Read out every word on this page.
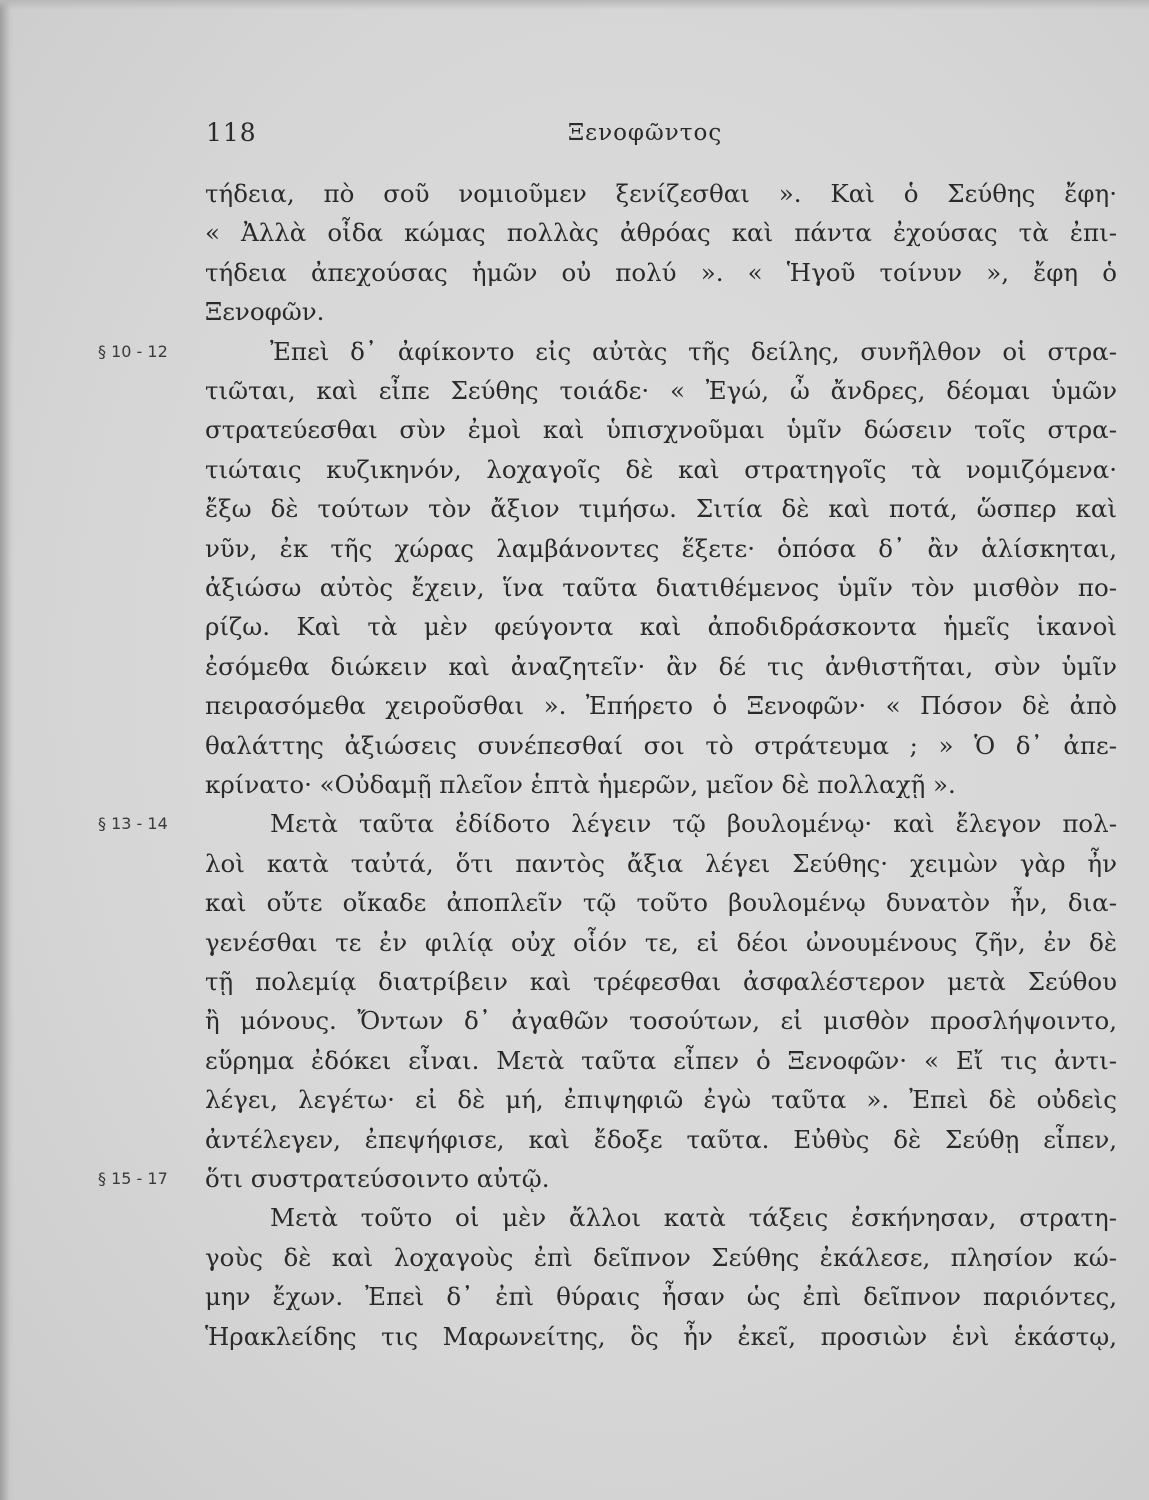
118	Ξενοφῶντος
τήδεια, πὸ σοῦ νομιοῦμεν ξενίζεσθαι ». Καὶ ὁ Σεύθης ἔφη·
« Ἀλλὰ οἶδα κώμας πολλὰς ἀθρόας καὶ πάντα ἐχούσας τὰ ἐπι-
τήδεια ἀπεχούσας ἡμῶν οὐ πολύ ». « Ἡγοῦ τοίνυν », ἔφη ὁ
Ξενοφῶν.
Ἐπεὶ δ᾽ ἀφίκοντο εἰς αὐτὰς τῆς δείλης, συνῆλθον οἱ στρα-
τιῶται, καὶ εἶπε Σεύθης τοιάδε· « Ἐγώ, ὦ ἄνδρες, δέομαι ὑμῶν
στρατεύεσθαι σὺν ἐμοὶ καὶ ὑπισχνοῦμαι ὑμῖν δώσειν τοῖς στρα-
τιώταις κυζικηνόν, λοχαγοῖς δὲ καὶ στρατηγοῖς τὰ νομιζόμενα·
ἔξω δὲ τούτων τὸν ἄξιον τιμήσω. Σιτία δὲ καὶ ποτά, ὥσπερ καὶ
νῦν, ἐκ τῆς χώρας λαμβάνοντες ἕξετε· ὁπόσα δ᾽ ἂν ἁλίσκηται,
ἀξιώσω αὐτὸς ἔχειν, ἵνα ταῦτα διατιθέμενος ὑμῖν τὸν μισθὸν πο-
ρίζω. Καὶ τὰ μὲν φεύγοντα καὶ ἀποδιδράσκοντα ἡμεῖς ἱκανοὶ
ἐσόμεθα διώκειν καὶ ἀναζητεῖν· ἂν δέ τις ἀνθιστῆται, σὺν ὑμῖν
πειρασόμεθα χειροῦσθαι ». Ἐπήρετο ὁ Ξενοφῶν· « Πόσον δὲ ἀπὸ
θαλάττης ἀξιώσεις συνέπεσθαί σοι τὸ στράτευμα ; » Ὁ δ᾽ ἀπε-
κρίνατο· «Οὐδαμῇ πλεῖον ἑπτὰ ἡμερῶν, μεῖον δὲ πολλαχῇ ».
Μετὰ ταῦτα ἐδίδοτο λέγειν τῷ βουλομένῳ· καὶ ἔλεγον πολ-
λοὶ κατὰ ταὐτά, ὅτι παντὸς ἄξια λέγει Σεύθης· χειμὼν γὰρ ἦν
καὶ οὔτε οἴκαδε ἀποπλεῖν τῷ τοῦτο βουλομένῳ δυνατὸν ἦν, δια-
γενέσθαι τε ἐν φιλίᾳ οὐχ οἷόν τε, εἰ δέοι ὠνουμένους ζῆν, ἐν δὲ
τῇ πολεμίᾳ διατρίβειν καὶ τρέφεσθαι ἀσφαλέστερον μετὰ Σεύθου
ἢ μόνους. Ὄντων δ᾽ ἀγαθῶν τοσούτων, εἰ μισθὸν προσλήψοιντο,
εὕρημα ἐδόκει εἶναι. Μετὰ ταῦτα εἶπεν ὁ Ξενοφῶν· « Εἴ τις ἀντι-
λέγει, λεγέτω· εἰ δὲ μή, ἐπιψηφιῶ ἐγὼ ταῦτα ». Ἐπεὶ δὲ οὐδεὶς
ἀντέλεγεν, ἐπεψήφισε, καὶ ἔδοξε ταῦτα. Εὐθὺς δὲ Σεύθῃ εἶπεν,
ὅτι συστρατεύσοιντο αὐτῷ.
Μετὰ τοῦτο οἱ μὲν ἄλλοι κατὰ τάξεις ἐσκήνησαν, στρατη-
γοὺς δὲ καὶ λοχαγοὺς ἐπὶ δεῖπνον Σεύθης ἐκάλεσε, πλησίον κώ-
μην ἔχων. Ἐπεὶ δ᾽ ἐπὶ θύραις ἦσαν ὡς ἐπὶ δεῖπνον παριόντες,
Ἡρακλείδης τις Μαρωνείτης, ὃς ἦν ἐκεῖ, προσιὼν ἑνὶ ἑκάστῳ,
§ 10 - 12
§ 13 - 14
§ 15 - 17
